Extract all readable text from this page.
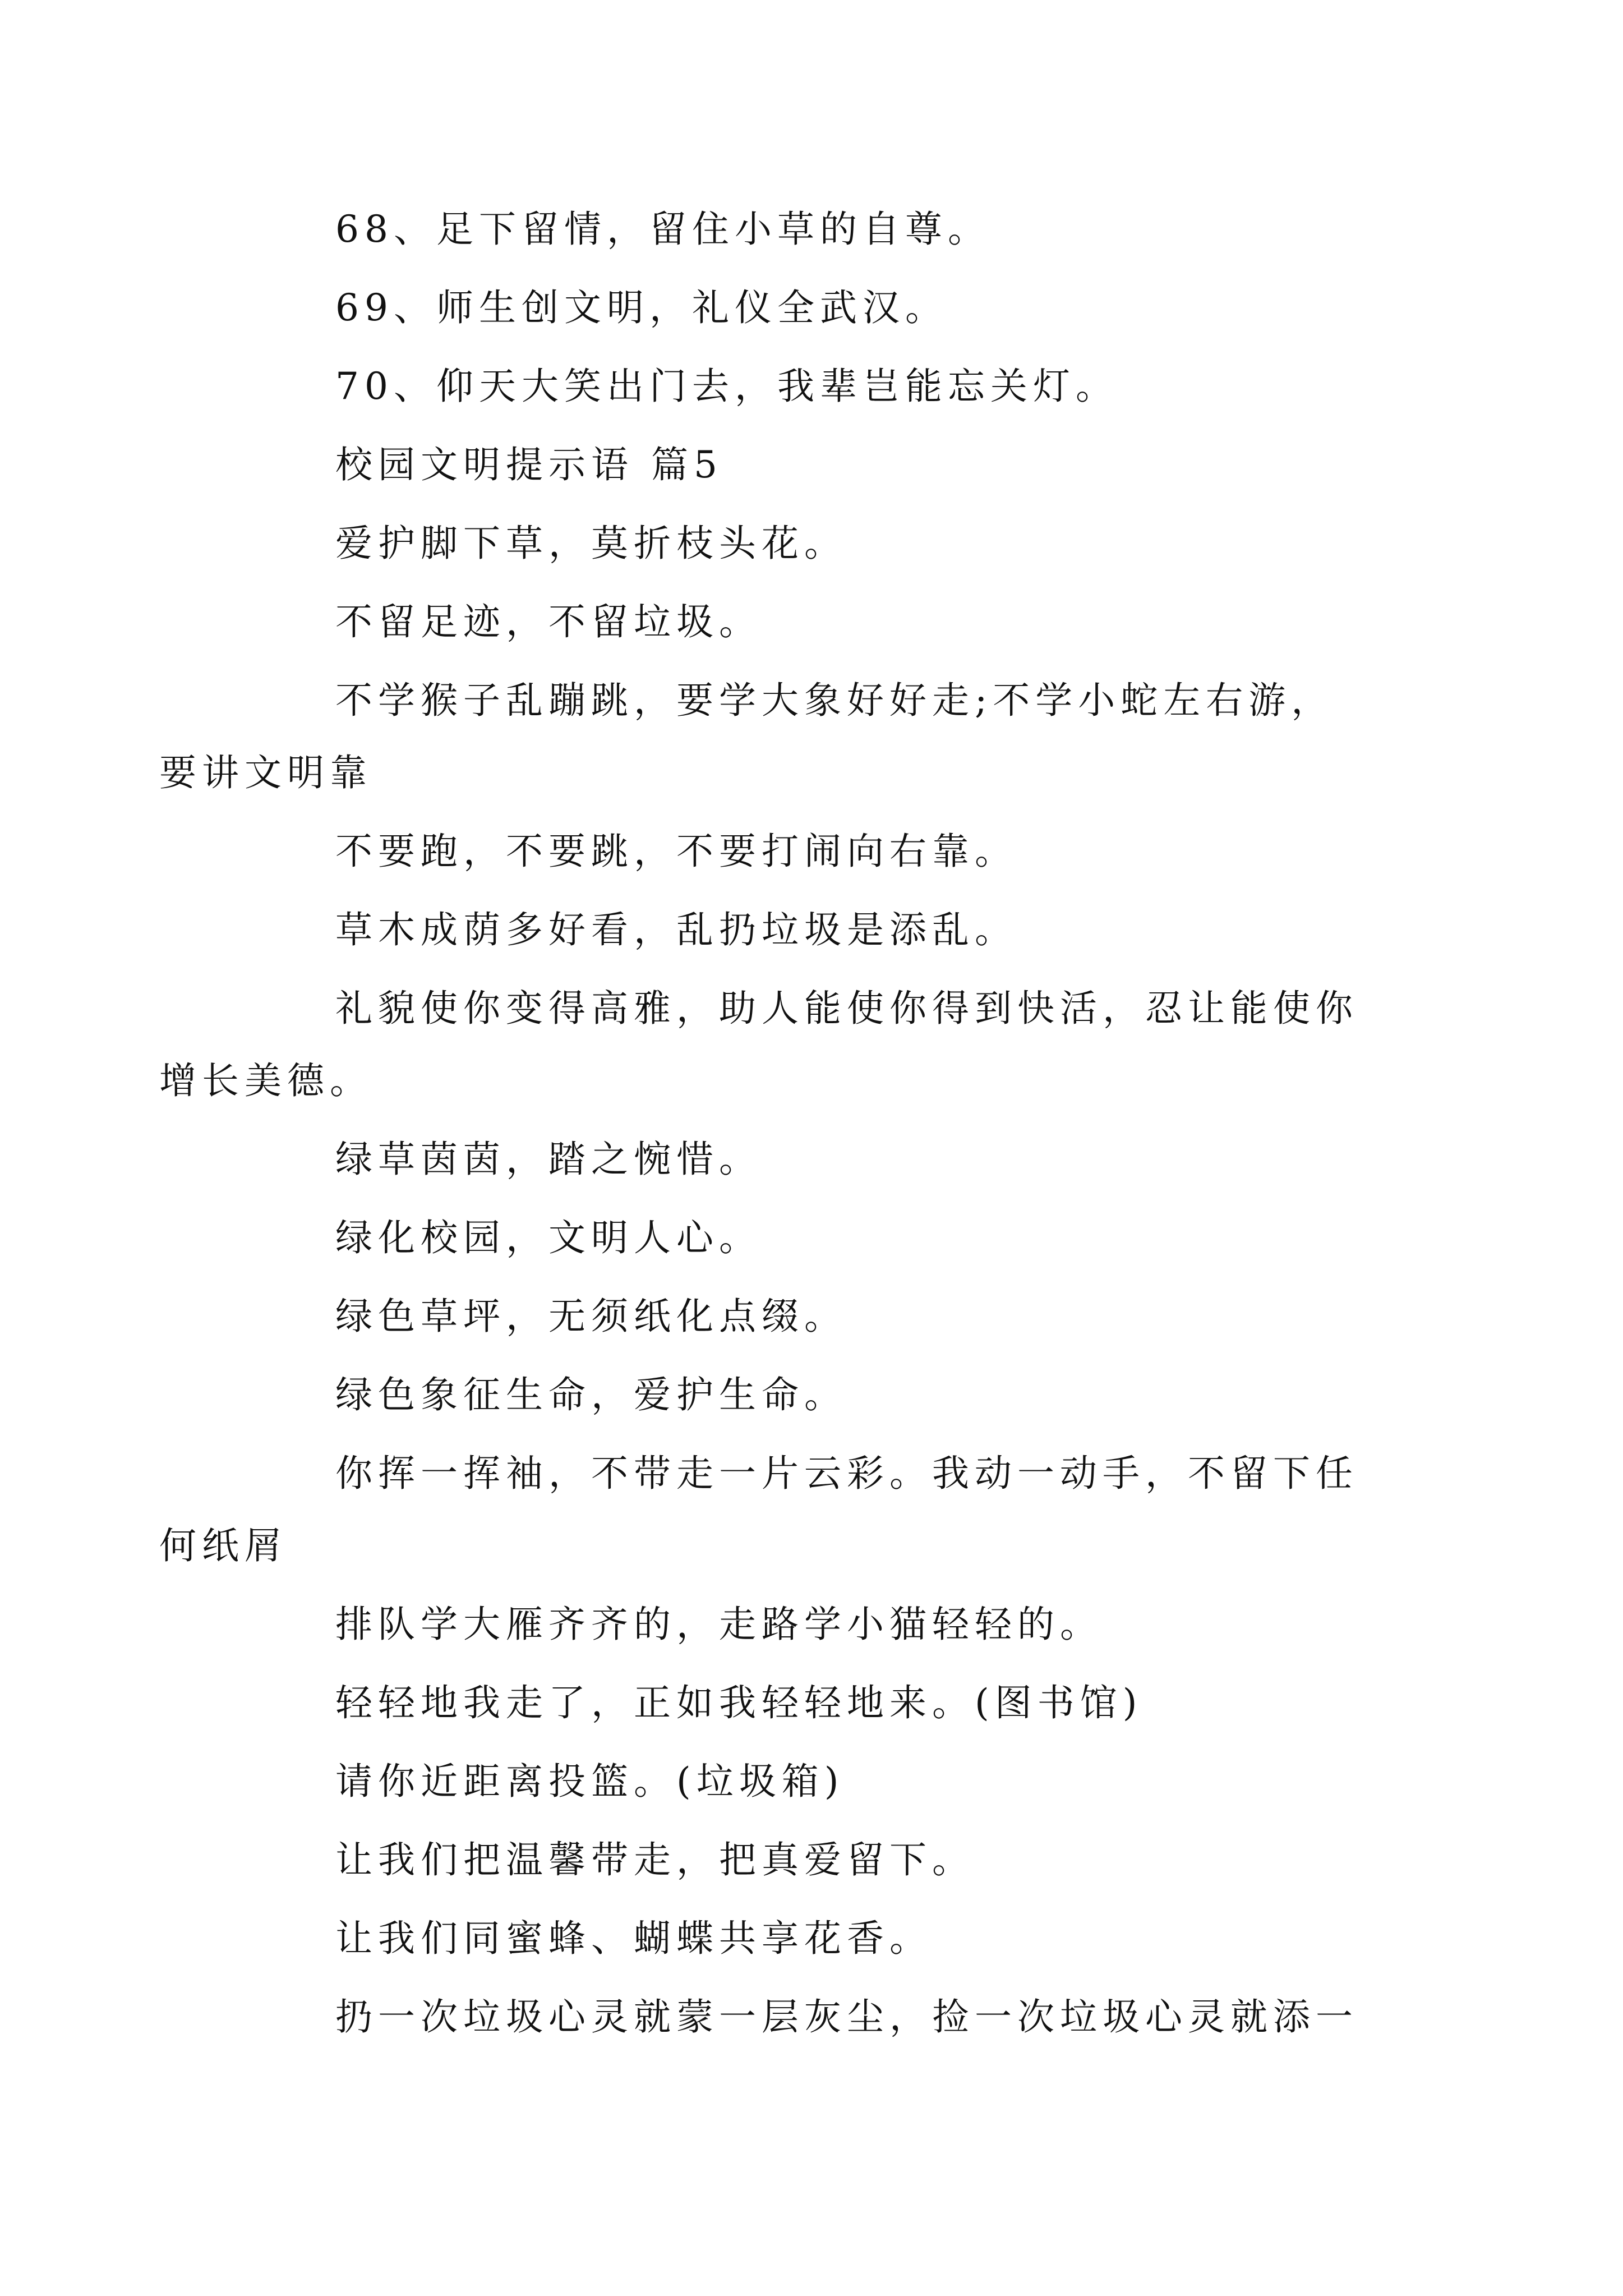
68、足下留情，留住小草的自尊。

69、师生创文明，礼仪全武汉。

70、仰天大笑出门去，我辈岂能忘关灯。

校园文明提示语 篇5

爱护脚下草，莫折枝头花。

不留足迹，不留垃圾。

不学猴子乱蹦跳，要学大象好好走;不学小蛇左右游，
要讲文明靠

不要跑，不要跳，不要打闹向右靠。

草木成荫多好看，乱扔垃圾是添乱。

礼貌使你变得高雅，助人能使你得到快活，忍让能使你
增长美德。

绿草茵茵，踏之惋惜。

绿化校园，文明人心。

绿色草坪，无须纸化点缀。

绿色象征生命，爱护生命。

你挥一挥袖，不带走一片云彩。我动一动手，不留下任
何纸屑

排队学大雁齐齐的，走路学小猫轻轻的。

轻轻地我走了，正如我轻轻地来。(图书馆)

请你近距离投篮。(垃圾箱)

让我们把温馨带走，把真爱留下。

让我们同蜜蜂、蝴蝶共享花香。

扔一次垃圾心灵就蒙一层灰尘，捡一次垃圾心灵就添一
